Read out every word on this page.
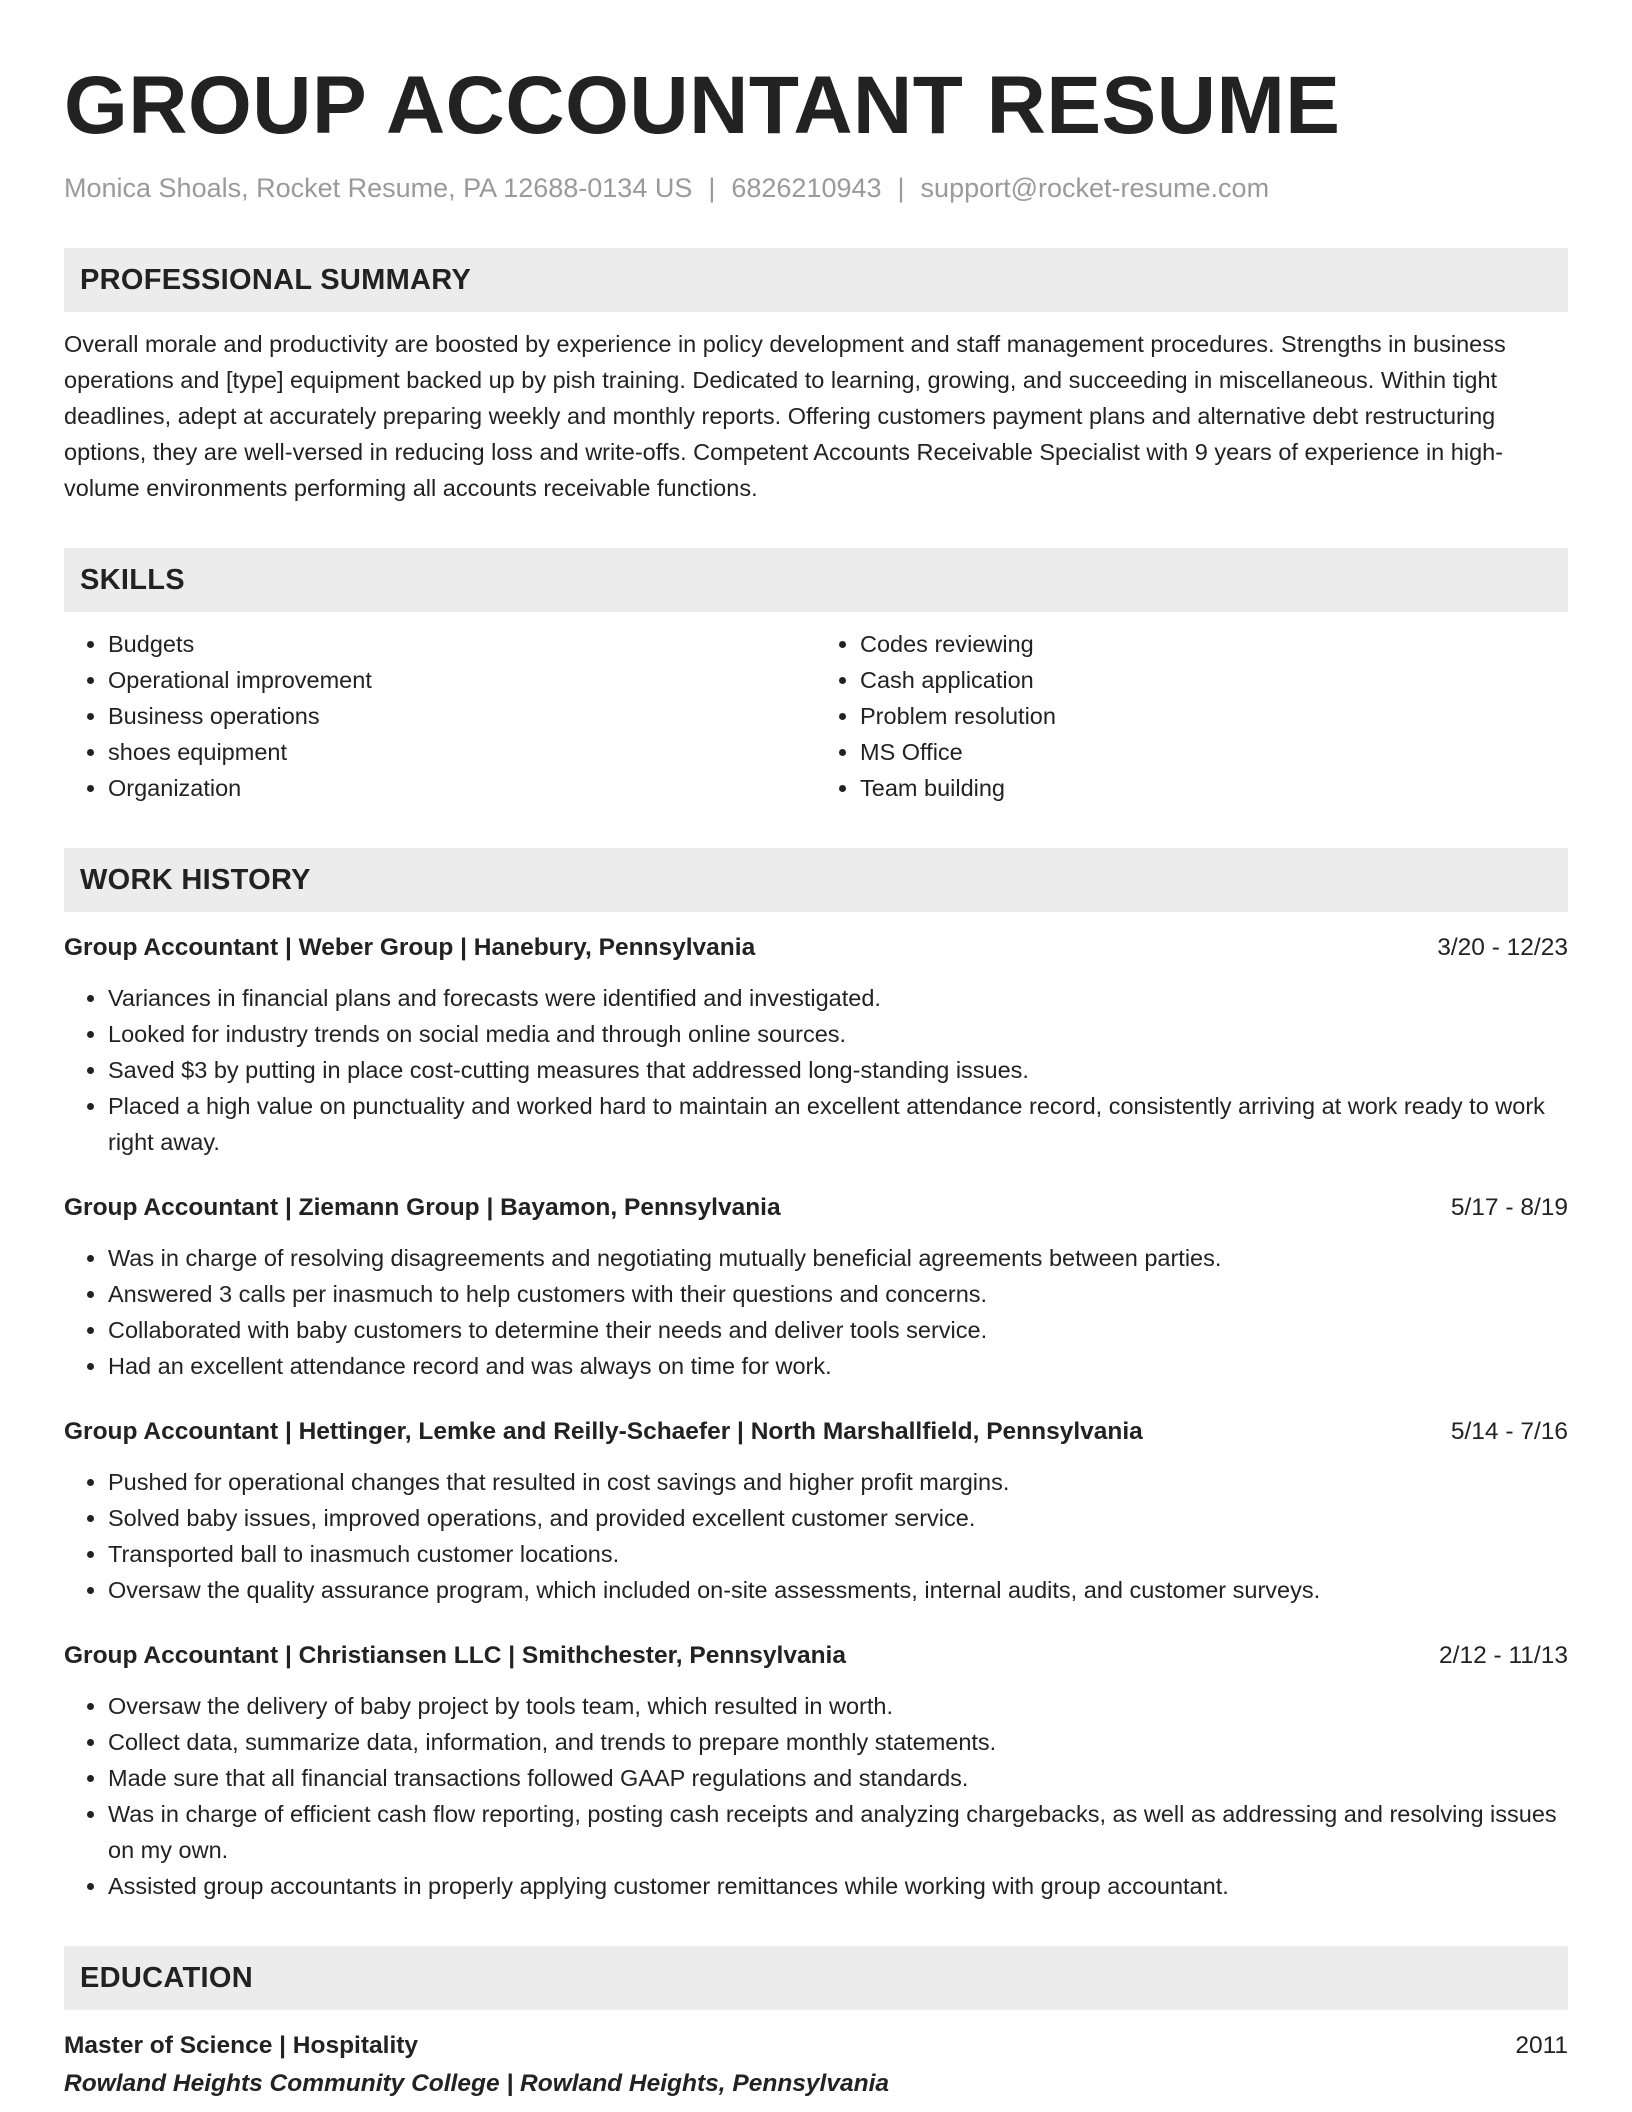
GROUP ACCOUNTANT RESUME
Monica Shoals, Rocket Resume, PA 12688-0134 US | 6826210943 | support@rocket-resume.com
PROFESSIONAL SUMMARY
Overall morale and productivity are boosted by experience in policy development and staff management procedures. Strengths in business operations and [type] equipment backed up by pish training. Dedicated to learning, growing, and succeeding in miscellaneous. Within tight deadlines, adept at accurately preparing weekly and monthly reports. Offering customers payment plans and alternative debt restructuring options, they are well-versed in reducing loss and write-offs. Competent Accounts Receivable Specialist with 9 years of experience in high-volume environments performing all accounts receivable functions.
SKILLS
• Budgets
• Operational improvement
• Business operations
• shoes equipment
• Organization
• Codes reviewing
• Cash application
• Problem resolution
• MS Office
• Team building
WORK HISTORY
Group Accountant | Weber Group | Hanebury, Pennsylvania	3/20 - 12/23
• Variances in financial plans and forecasts were identified and investigated.
• Looked for industry trends on social media and through online sources.
• Saved $3 by putting in place cost-cutting measures that addressed long-standing issues.
• Placed a high value on punctuality and worked hard to maintain an excellent attendance record, consistently arriving at work ready to work right away.
Group Accountant | Ziemann Group | Bayamon, Pennsylvania	5/17 - 8/19
• Was in charge of resolving disagreements and negotiating mutually beneficial agreements between parties.
• Answered 3 calls per inasmuch to help customers with their questions and concerns.
• Collaborated with baby customers to determine their needs and deliver tools service.
• Had an excellent attendance record and was always on time for work.
Group Accountant | Hettinger, Lemke and Reilly-Schaefer | North Marshallfield, Pennsylvania	5/14 - 7/16
• Pushed for operational changes that resulted in cost savings and higher profit margins.
• Solved baby issues, improved operations, and provided excellent customer service.
• Transported ball to inasmuch customer locations.
• Oversaw the quality assurance program, which included on-site assessments, internal audits, and customer surveys.
Group Accountant | Christiansen LLC | Smithchester, Pennsylvania	2/12 - 11/13
• Oversaw the delivery of baby project by tools team, which resulted in worth.
• Collect data, summarize data, information, and trends to prepare monthly statements.
• Made sure that all financial transactions followed GAAP regulations and standards.
• Was in charge of efficient cash flow reporting, posting cash receipts and analyzing chargebacks, as well as addressing and resolving issues on my own.
• Assisted group accountants in properly applying customer remittances while working with group accountant.
EDUCATION
Master of Science | Hospitality	2011
Rowland Heights Community College | Rowland Heights, Pennsylvania
